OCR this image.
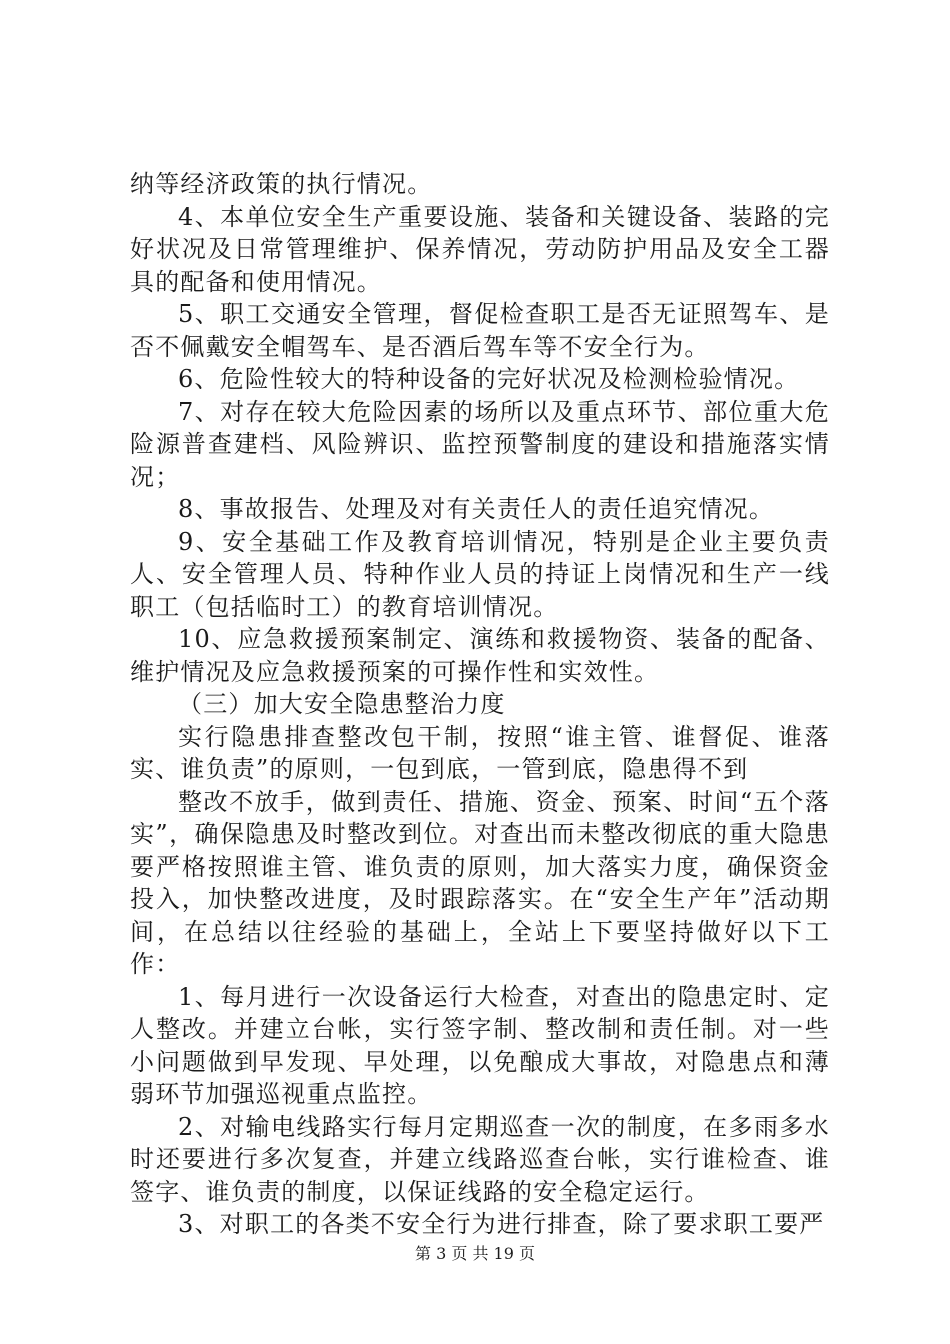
纳等经济政策的执行情况。

4、本单位安全生产重要设施、装备和关键设备、装路的完好状况及日常管理维护、保养情况，劳动防护用品及安全工器具的配备和使用情况。

5、职工交通安全管理，督促检查职工是否无证照驾车、是否不佩戴安全帽驾车、是否酒后驾车等不安全行为。

6、危险性较大的特种设备的完好状况及检测检验情况。

7、对存在较大危险因素的场所以及重点环节、部位重大危险源普查建档、风险辨识、监控预警制度的建设和措施落实情况；

8、事故报告、处理及对有关责任人的责任追究情况。

9、安全基础工作及教育培训情况，特别是企业主要负责人、安全管理人员、特种作业人员的持证上岗情况和生产一线职工（包括临时工）的教育培训情况。

10、应急救援预案制定、演练和救援物资、装备的配备、维护情况及应急救援预案的可操作性和实效性。

（三）加大安全隐患整治力度

实行隐患排查整改包干制，按照“谁主管、谁督促、谁落实、谁负责”的原则，一包到底，一管到底，隐患得不到

整改不放手，做到责任、措施、资金、预案、时间“五个落实”，确保隐患及时整改到位。对查出而未整改彻底的重大隐患要严格按照谁主管、谁负责的原则，加大落实力度，确保资金投入，加快整改进度，及时跟踪落实。在“安全生产年”活动期间，在总结以往经验的基础上，全站上下要坚持做好以下工作：

1、每月进行一次设备运行大检查，对查出的隐患定时、定人整改。并建立台帐，实行签字制、整改制和责任制。对一些小问题做到早发现、早处理，以免酿成大事故，对隐患点和薄弱环节加强巡视重点监控。

2、对输电线路实行每月定期巡查一次的制度，在多雨多水时还要进行多次复查，并建立线路巡查台帐，实行谁检查、谁签字、谁负责的制度，以保证线路的安全稳定运行。

3、对职工的各类不安全行为进行排查，除了要求职工要严

第 3 页 共 19 页
